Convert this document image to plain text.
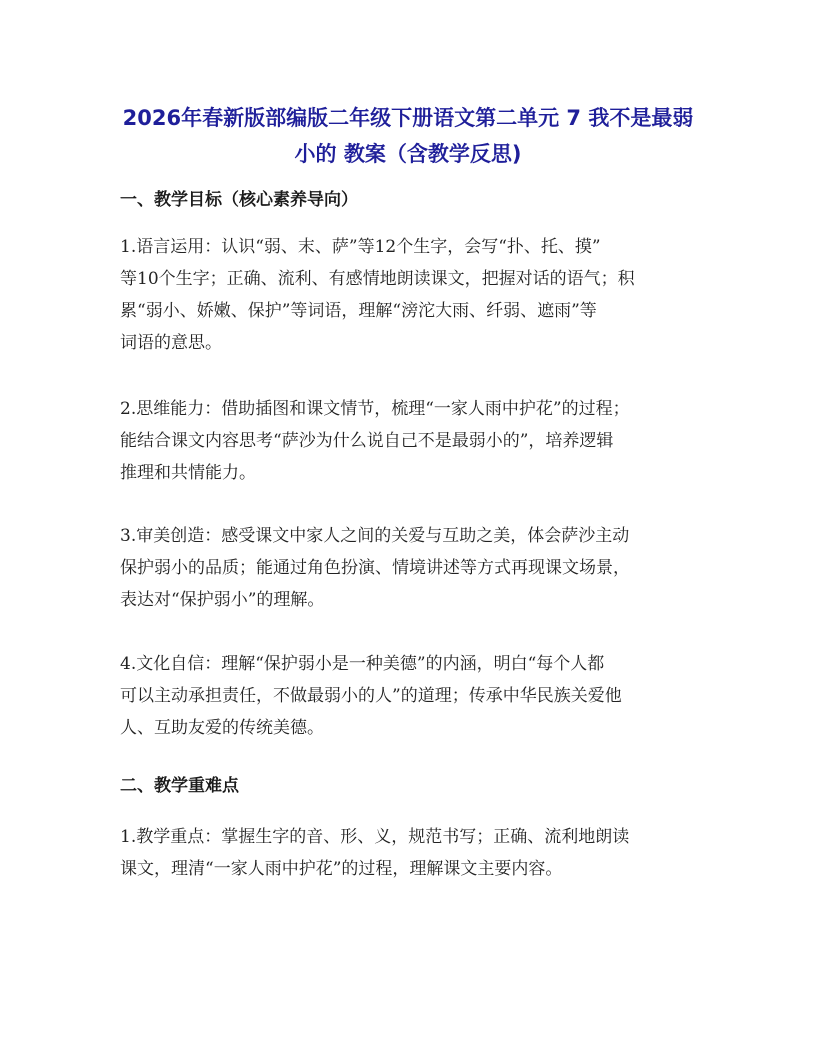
2026年春新版部编版二年级下册语文第二单元 7 我不是最弱
小的 教案（含教学反思)
一、教学目标（核心素养导向）
1.语言运用：认识“弱、末、萨”等12个生字，会写“扑、托、摸”
等10个生字；正确、流利、有感情地朗读课文，把握对话的语气；积
累“弱小、娇嫩、保护”等词语，理解“滂沱大雨、纤弱、遮雨”等
词语的意思。
2.思维能力：借助插图和课文情节，梳理“一家人雨中护花”的过程；
能结合课文内容思考“萨沙为什么说自己不是最弱小的”，培养逻辑
推理和共情能力。
3.审美创造：感受课文中家人之间的关爱与互助之美，体会萨沙主动
保护弱小的品质；能通过角色扮演、情境讲述等方式再现课文场景，
表达对“保护弱小”的理解。
4.文化自信：理解“保护弱小是一种美德”的内涵，明白“每个人都
可以主动承担责任，不做最弱小的人”的道理；传承中华民族关爱他
人、互助友爱的传统美德。
二、教学重难点
1.教学重点：掌握生字的音、形、义，规范书写；正确、流利地朗读
课文，理清“一家人雨中护花”的过程，理解课文主要内容。
